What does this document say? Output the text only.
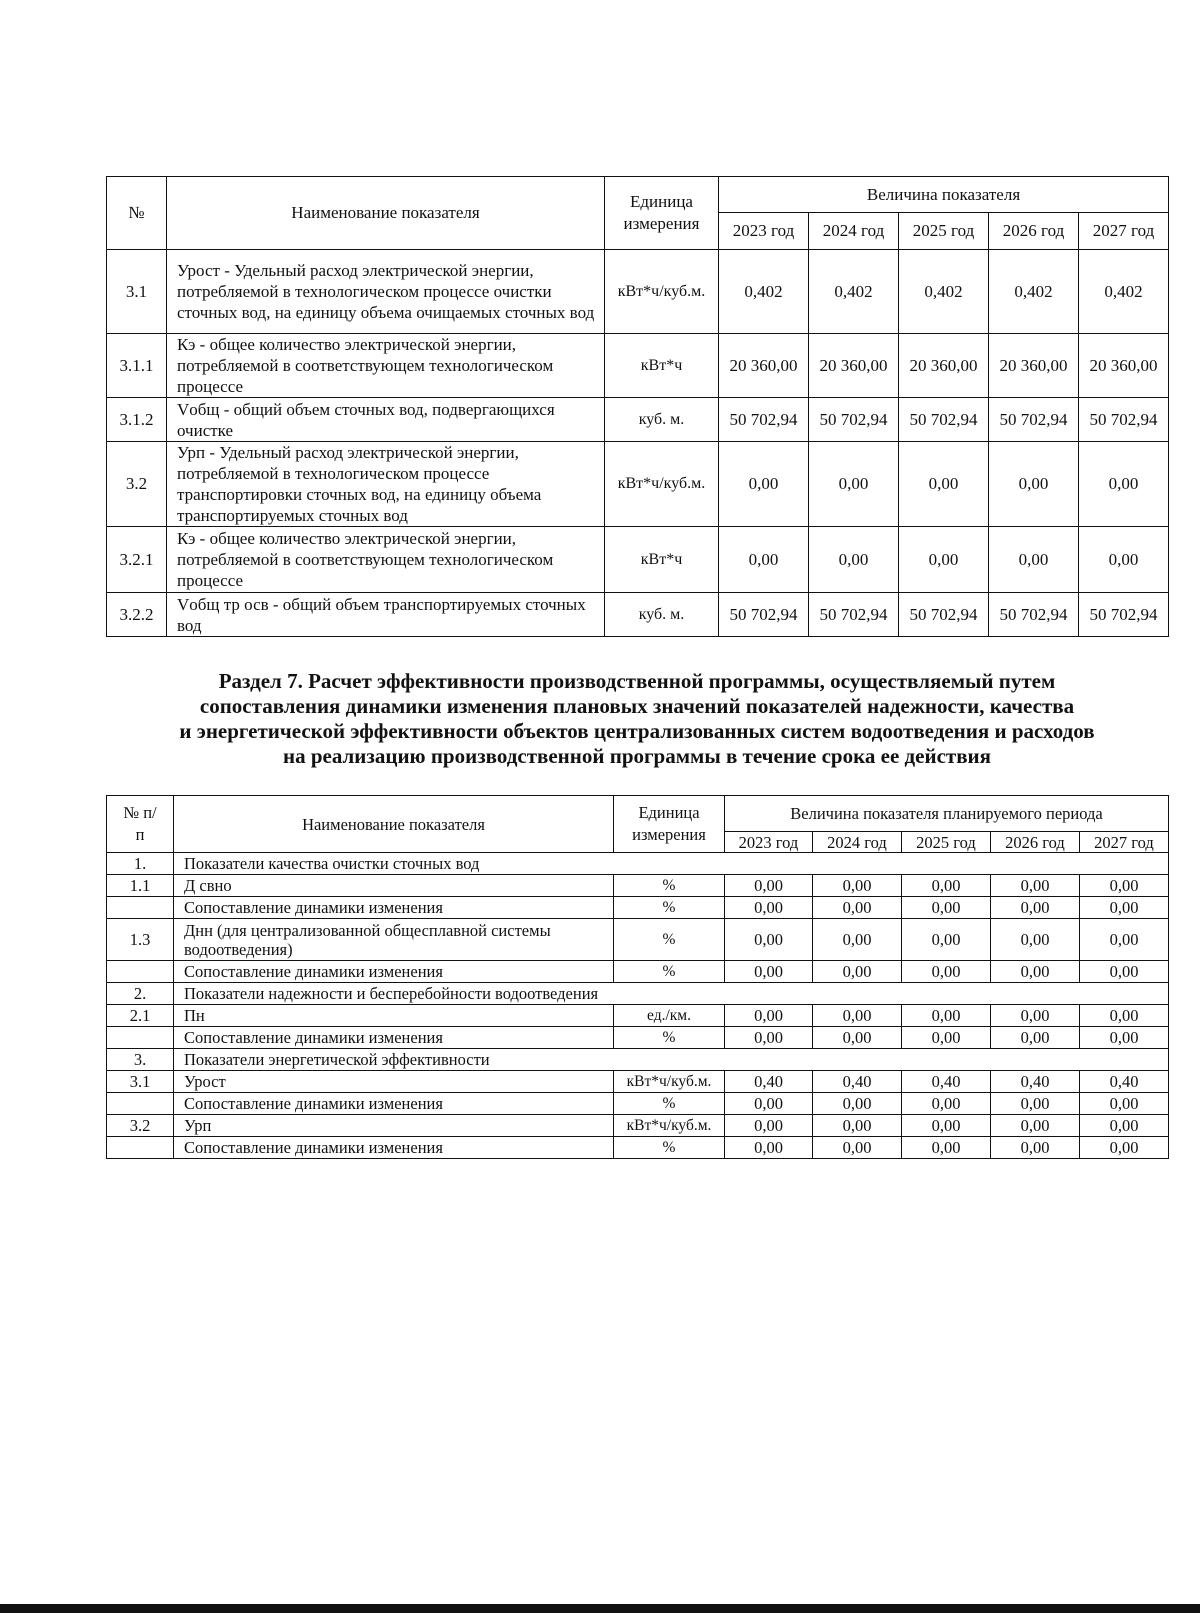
№	Наименование показателя	Единица измерения	Величина показателя				
			2023 год	2024 год	2025 год	2026 год	2027 год
3.1	Урост - Удельный расход электрической энергии, потребляемой в технологическом процессе очистки сточных вод, на единицу объема очищаемых сточных вод	кВт*ч/куб.м.	0,402	0,402	0,402	0,402	0,402
3.1.1	Кэ - общее количество электрической энергии, потребляемой в соответствующем технологическом процессе	кВт*ч	20 360,00	20 360,00	20 360,00	20 360,00	20 360,00
3.1.2	Vобщ - общий объем сточных вод, подвергающихся очистке	куб. м.	50 702,94	50 702,94	50 702,94	50 702,94	50 702,94
3.2	Урп - Удельный расход электрической энергии, потребляемой в технологическом процессе транспортировки сточных вод, на единицу объема транспортируемых сточных вод	кВт*ч/куб.м.	0,00	0,00	0,00	0,00	0,00
3.2.1	Кэ - общее количество электрической энергии, потребляемой в соответствующем технологическом процессе	кВт*ч	0,00	0,00	0,00	0,00	0,00
3.2.2	Vобщ тр осв - общий объем транспортируемых сточных вод	куб. м.	50 702,94	50 702,94	50 702,94	50 702,94	50 702,94
Раздел 7. Расчет эффективности производственной программы, осуществляемый путем
сопоставления динамики изменения плановых значений показателей надежности, качества
и энергетической эффективности объектов централизованных систем водоотведения и расходов
на реализацию производственной программы в течение срока ее действия
№ п/п	Наименование показателя	Единица измерения	Величина показателя планируемого периода				
			2023 год	2024 год	2025 год	2026 год	2027 год
1.	Показатели качества очистки сточных вод						
1.1	Д свно	%	0,00	0,00	0,00	0,00	0,00
	Сопоставление динамики изменения	%	0,00	0,00	0,00	0,00	0,00
1.3	Днн (для централизованной общесплавной системы водоотведения)	%	0,00	0,00	0,00	0,00	0,00
	Сопоставление динамики изменения	%	0,00	0,00	0,00	0,00	0,00
2.	Показатели надежности и бесперебойности водоотведения						
2.1	Пн	ед./км.	0,00	0,00	0,00	0,00	0,00
	Сопоставление динамики изменения	%	0,00	0,00	0,00	0,00	0,00
3.	Показатели энергетической эффективности						
3.1	Урост	кВт*ч/куб.м.	0,40	0,40	0,40	0,40	0,40
	Сопоставление динамики изменения	%	0,00	0,00	0,00	0,00	0,00
3.2	Урп	кВт*ч/куб.м.	0,00	0,00	0,00	0,00	0,00
	Сопоставление динамики изменения	%	0,00	0,00	0,00	0,00	0,00
